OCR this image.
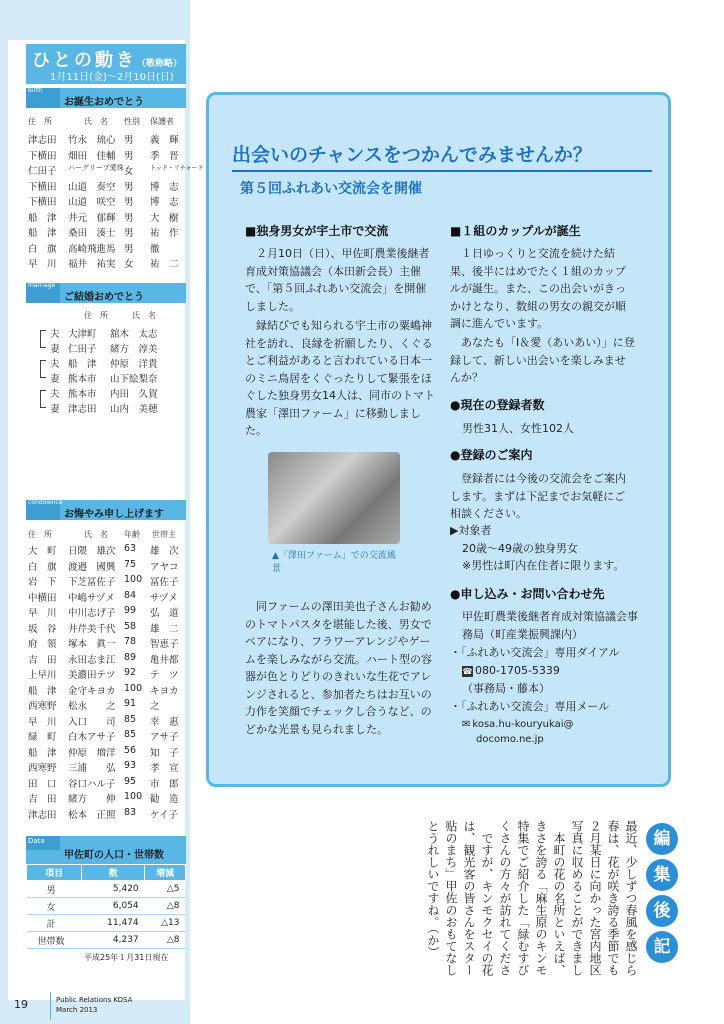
ひとの動き（敬称略）
1月11日(金)～2月10日(日)
birth
お誕生おめでとう
住　所	氏　名 性別 保護者
津志田 竹永　琉心 男 義　輝
下横田 畑田　佳輔 男 季　晋
仁田子 ハーグリーブ愛珠 女	トッド・リチャード
下横田 山道　奏空 男 博　志
下横田 山道　咲空 男 博　志
船　津 井元　郁輝 男 大　樹
船　津 桑田　湊士 男 祐　作
白　旗 高崎飛進馬 男 徹
早　川 福井　祐実 女 祐　二
marriage
ご結婚おめでとう
住　所	氏　名
夫 大津町 舘木　太志
妻 仁田子 緒方　淳美
夫 船　津 仲原　洋貴
妻 熊本市 山下絵梨奈
夫 熊本市 内田　久賀
妻 津志田 山内　美穂
condolence
お悔やみ申し上げます
住　所	氏　名 年齢 世帯主
大　町 日隈　雄次 63 雄　次
白　旗 渡邉　國興 75 アヤコ
岩　下 下芝冨佐子 100 冨佐子
中横田 中嶋サヅメ 84 サヅメ
早　川 中川志げ子 99 弘　道
坂　谷 井芹美千代 58 雄　二
府　領 塚本　眞一 78 智恵子
吉　田 永田志ま江 89 亀井都
上早川 美濃田テツ 92 テ　ツ
船　津 金守キヨカ 100 キヨカ
西寒野 松永　　之 91 之
早　川 入口　　司 85 幸　惠
緑　町 白木アサ子 85 アサ子
船　津 仲原　増洋 56 知　子
西寒野 三浦　　弘 93 孝　宣
田　口 谷口ハル子 95 市　郎
吉　田 緒方　　伸 100 勧　造
津志田 松本　正照 83 ケイ子
Data
甲佐町の人口・世帯数
項目	数	増減
男	5,420	△5
女	6,054	△8
計	11,474	△13
世帯数	4,237	△8
平成25年１月31日現在
19	Public Relations KOSA
March 2013
出会いのチャンスをつかんでみませんか？
第５回ふれあい交流会を開催
■独身男女が宇土市で交流
　２月10日（日）、甲佐町農業後継者育成対策協議会（本田新会長）主催で、「第５回ふれあい交流会」を開催しました。
　縁結びでも知られる宇土市の粟嶋神社を訪れ、良縁を祈願したり、くぐるとご利益があると言われている日本一のミニ鳥居をくぐったりして緊張をほぐした独身男女14人は、同市のトマト農家「澤田ファーム」に移動しました。
▲「澤田ファーム」での交流風景
　同ファームの澤田美也子さんお勧めのトマトパスタを堪能した後、男女でペアになり、フラワーアレンジやゲームを楽しみながら交流。ハート型の容器が色とりどりのきれいな生花でアレンジされると、参加者たちはお互いの力作を笑顔でチェックし合うなど、のどかな光景も見られました。
■１組のカップルが誕生
　１日ゆっくりと交流を続けた結果、後半にはめでたく１組のカップルが誕生。また、この出会いがきっかけとなり、数組の男女の親交が順調に進んでいます。
　あなたも「I＆愛（あいあい）」に登録して、新しい出会いを楽しみませんか？
●現在の登録者数
男性31人、女性102人
●登録のご案内
　登録者には今後の交流会をご案内します。まずは下記までお気軽にご相談ください。
▶対象者
20歳～49歳の独身男女
※男性は町内在住者に限ります。
●申し込み・お問い合わせ先
甲佐町農業後継者育成対策協議会事務局（町産業振興課内）
・「ふれあい交流会」専用ダイアル
☎ 080-1705-5339
（事務局・藤本）
・「ふれあい交流会」専用メール
✉ kosa.hu-kouryukai@
docomo.ne.jp
編
集
後
記
最近、少しずつ春風を感じら
春は、花が咲き誇る季節でも
２月某日に向かった宮内地区
写真に収めることができまし
　本町の花の名所といえば、
きさを誇る「麻生原のキンモ
特集でご紹介した「緑むすび
くさんの方々が訪れてくださ
　ですが、キンモクセイの花
は、観光客の皆さんをスター
贴のまち」甲佐のおもてなし
とうれしいですね。（か）
